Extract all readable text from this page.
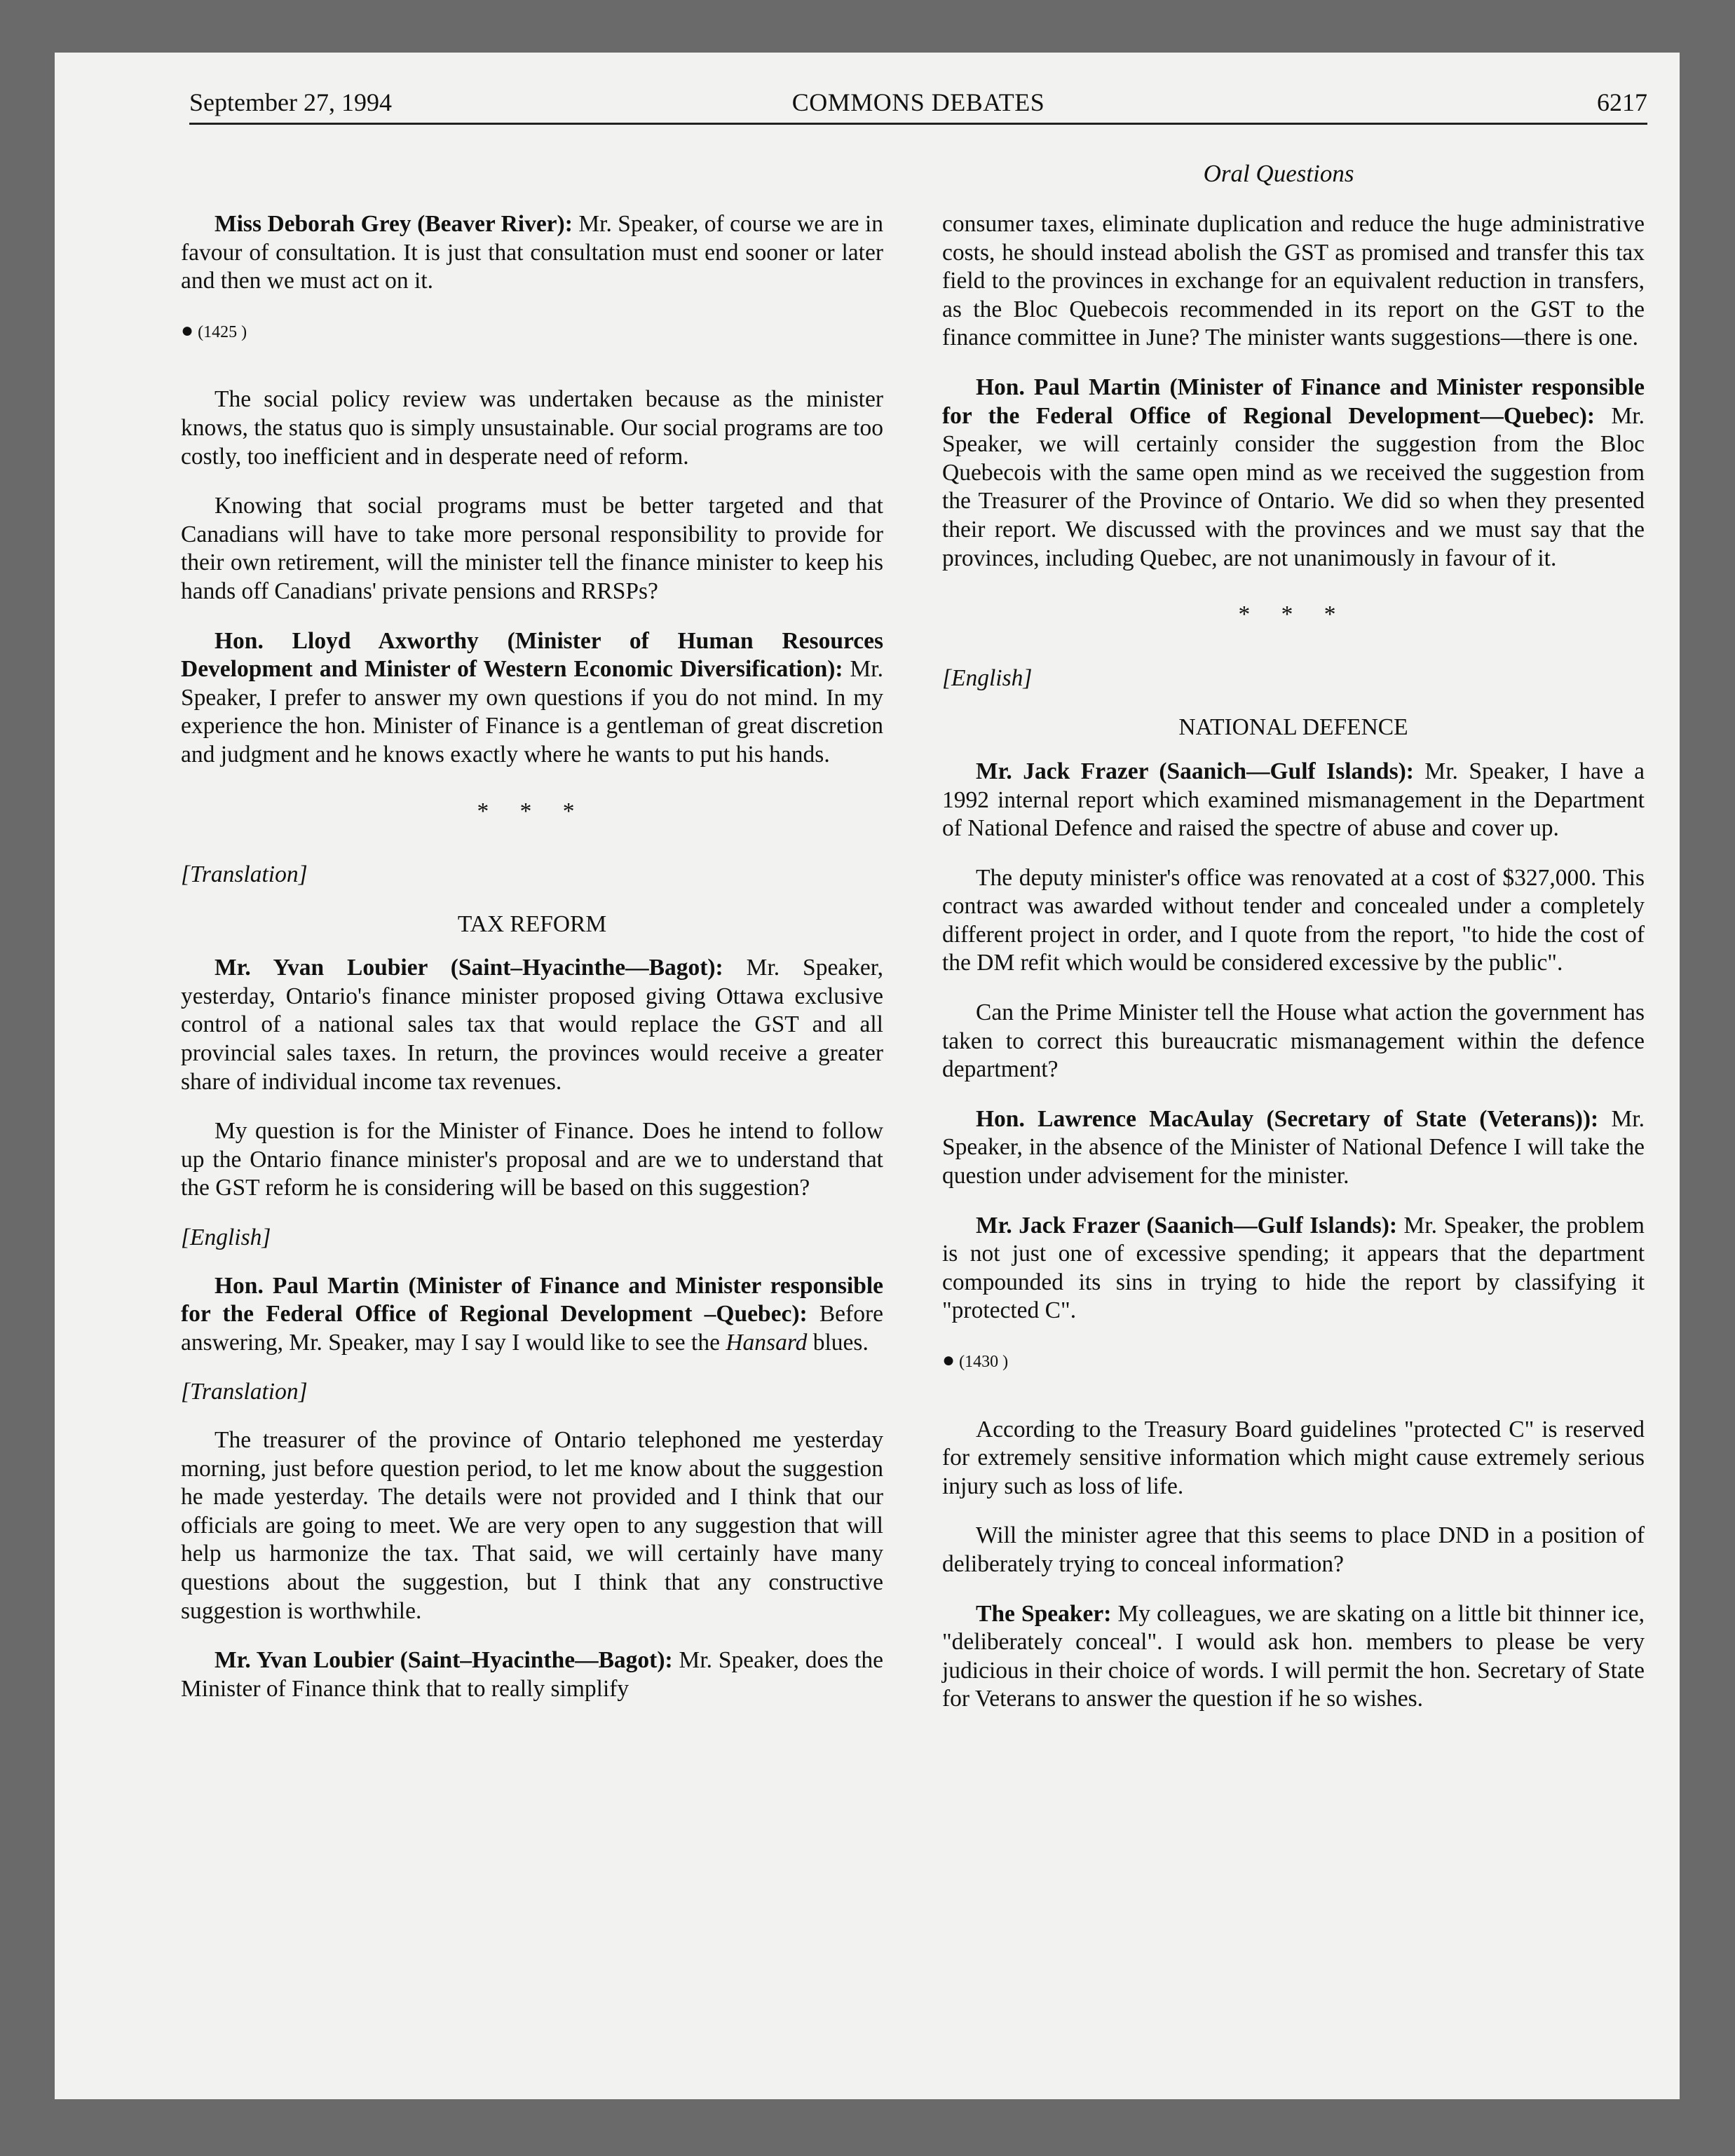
September 27, 1994	COMMONS DEBATES	6217
Oral Questions

Miss Deborah Grey (Beaver River): Mr. Speaker, of course we are in favour of consultation. It is just that consultation must end sooner or later and then we must act on it.

● (1425 )

The social policy review was undertaken because as the minister knows, the status quo is simply unsustainable. Our social programs are too costly, too inefficient and in desperate need of reform.

Knowing that social programs must be better targeted and that Canadians will have to take more personal responsibility to provide for their own retirement, will the minister tell the finance minister to keep his hands off Canadians' private pensions and RRSPs?

Hon. Lloyd Axworthy (Minister of Human Resources Development and Minister of Western Economic Diversification): Mr. Speaker, I prefer to answer my own questions if you do not mind. In my experience the hon. Minister of Finance is a gentleman of great discretion and judgment and he knows exactly where he wants to put his hands.

* * *
[Translation]
TAX REFORM

Mr. Yvan Loubier (Saint–Hyacinthe—Bagot): Mr. Speaker, yesterday, Ontario's finance minister proposed giving Ottawa exclusive control of a national sales tax that would replace the GST and all provincial sales taxes. In return, the provinces would receive a greater share of individual income tax revenues.

My question is for the Minister of Finance. Does he intend to follow up the Ontario finance minister's proposal and are we to understand that the GST reform he is considering will be based on this suggestion?

[English]

Hon. Paul Martin (Minister of Finance and Minister responsible for the Federal Office of Regional Development –Quebec): Before answering, Mr. Speaker, may I say I would like to see the Hansard blues.

[Translation]

The treasurer of the province of Ontario telephoned me yesterday morning, just before question period, to let me know about the suggestion he made yesterday. The details were not provided and I think that our officials are going to meet. We are very open to any suggestion that will help us harmonize the tax. That said, we will certainly have many questions about the suggestion, but I think that any constructive suggestion is worthwhile.

Mr. Yvan Loubier (Saint–Hyacinthe—Bagot): Mr. Speaker, does the Minister of Finance think that to really simplify

consumer taxes, eliminate duplication and reduce the huge administrative costs, he should instead abolish the GST as promised and transfer this tax field to the provinces in exchange for an equivalent reduction in transfers, as the Bloc Quebecois recommended in its report on the GST to the finance committee in June? The minister wants suggestions—there is one.

Hon. Paul Martin (Minister of Finance and Minister responsible for the Federal Office of Regional Development—Quebec): Mr. Speaker, we will certainly consider the suggestion from the Bloc Quebecois with the same open mind as we received the suggestion from the Treasurer of the Province of Ontario. We did so when they presented their report. We discussed with the provinces and we must say that the provinces, including Quebec, are not unanimously in favour of it.

* * *
[English]
NATIONAL DEFENCE

Mr. Jack Frazer (Saanich—Gulf Islands): Mr. Speaker, I have a 1992 internal report which examined mismanagement in the Department of National Defence and raised the spectre of abuse and cover up.

The deputy minister's office was renovated at a cost of $327,000. This contract was awarded without tender and concealed under a completely different project in order, and I quote from the report, "to hide the cost of the DM refit which would be considered excessive by the public".

Can the Prime Minister tell the House what action the government has taken to correct this bureaucratic mismanagement within the defence department?

Hon. Lawrence MacAulay (Secretary of State (Veterans)): Mr. Speaker, in the absence of the Minister of National Defence I will take the question under advisement for the minister.

Mr. Jack Frazer (Saanich—Gulf Islands): Mr. Speaker, the problem is not just one of excessive spending; it appears that the department compounded its sins in trying to hide the report by classifying it "protected C".

● (1430 )

According to the Treasury Board guidelines "protected C" is reserved for extremely sensitive information which might cause extremely serious injury such as loss of life.

Will the minister agree that this seems to place DND in a position of deliberately trying to conceal information?

The Speaker: My colleagues, we are skating on a little bit thinner ice, "deliberately conceal". I would ask hon. members to please be very judicious in their choice of words. I will permit the hon. Secretary of State for Veterans to answer the question if he so wishes.
